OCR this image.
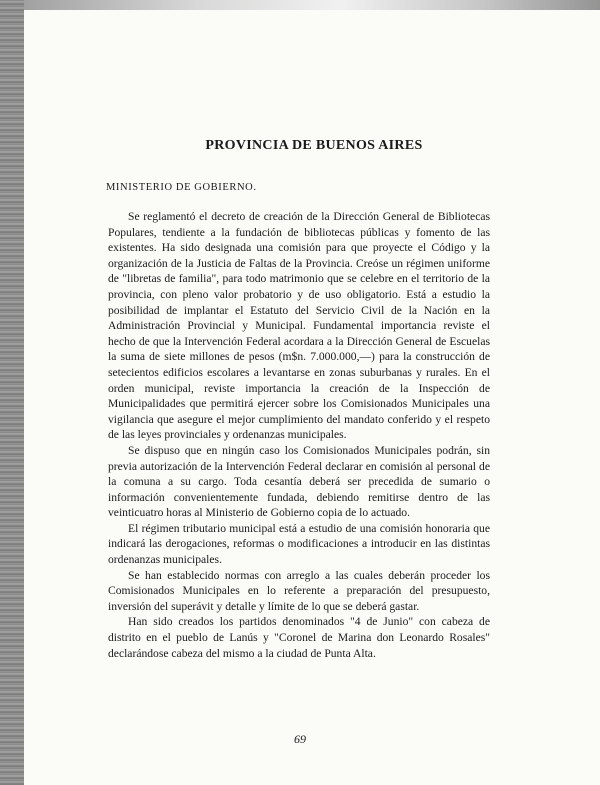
PROVINCIA DE BUENOS AIRES
MINISTERIO DE GOBIERNO.

Se reglamentó el decreto de creación de la Dirección General de Bibliotecas Populares, tendiente a la fundación de bibliotecas públicas y fomento de las existentes. Ha sido designada una comisión para que proyecte el Código y la organización de la Justicia de Faltas de la Provincia. Creóse un régimen uniforme de "libretas de familia", para todo matrimonio que se celebre en el territorio de la provincia, con pleno valor probatorio y de uso obligatorio. Está a estudio la posibilidad de implantar el Estatuto del Servicio Civil de la Nación en la Administración Provincial y Municipal. Fundamental importancia reviste el hecho de que la Intervención Federal acordara a la Dirección General de Escuelas la suma de siete millones de pesos (m$n. 7.000.000,—) para la construcción de setecientos edificios escolares a levantarse en zonas suburbanas y rurales. En el orden municipal, reviste importancia la creación de la Inspección de Municipalidades que permitirá ejercer sobre los Comisionados Municipales una vigilancia que asegure el mejor cumplimiento del mandato conferido y el respeto de las leyes provinciales y ordenanzas municipales.

Se dispuso que en ningún caso los Comisionados Municipales podrán, sin previa autorización de la Intervención Federal declarar en comisión al personal de la comuna a su cargo. Toda cesantía deberá ser precedida de sumario o información convenientemente fundada, debiendo remitirse dentro de las veinticuatro horas al Ministerio de Gobierno copia de lo actuado.

El régimen tributario municipal está a estudio de una comisión honoraria que indicará las derogaciones, reformas o modificaciones a introducir en las distintas ordenanzas municipales.

Se han establecido normas con arreglo a las cuales deberán proceder los Comisionados Municipales en lo referente a preparación del presupuesto, inversión del superávit y detalle y límite de lo que se deberá gastar.

Han sido creados los partidos denominados "4 de Junio" con cabeza de distrito en el pueblo de Lanús y "Coronel de Marina don Leonardo Rosales" declarándose cabeza del mismo a la ciudad de Punta Alta.

69
